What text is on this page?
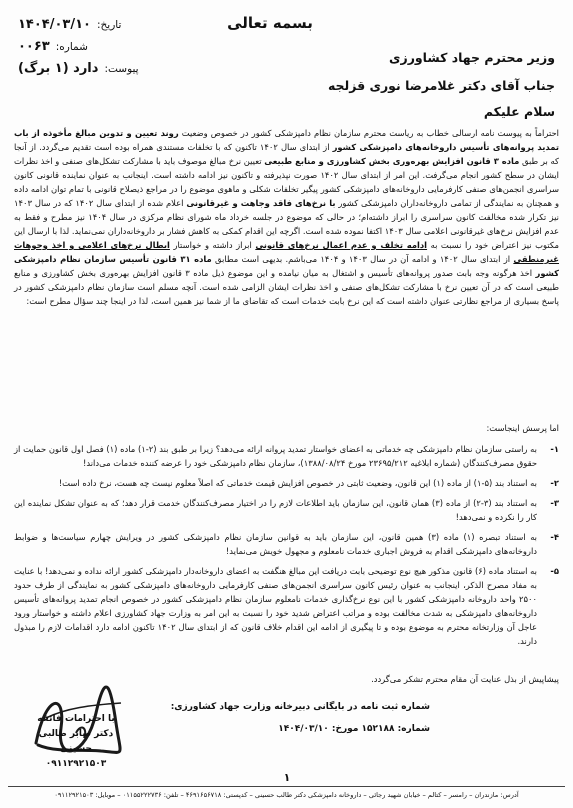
بسمه تعالی
تاریخ:
۱۴۰۴/۰۳/۱۰
شماره:
۰۰۶۳
پیوست:
دارد (۱ برگ)
وزیر محترم جهاد کشاورزی
جناب آقای دکتر غلامرضا نوری قزلجه
سلام علیکم
احتراماً به پیوست نامه ارسالی خطاب به ریاست محترم سازمان نظام دامپزشکی کشور در خصوص وضعیت روند تعیین و تدوین مبالغ مأخوذه از باب تمدید پروانه‌های تأسیس داروخانه‌های دامپزشکی کشور از ابتدای سال ۱۴۰۲ تاکنون که با تخلفات مستندی همراه بوده است تقدیم می‌گردد. از آنجا که بر طبق ماده ۳ قانون افزایش بهره‌وری بخش کشاورزی و منابع طبیعی تعیین نرخ مبالغ موصوف باید با مشارکت تشکل‌های صنفی و اخذ نظرات ایشان در سطح کشور انجام می‌گرفت. این امر از ابتدای سال ۱۴۰۲ صورت نپذیرفته و تاکنون نیز ادامه داشته است. اینجانب به عنوان نماینده قانونی کانون سراسری انجمن‌های صنفی کارفرمایی داروخانه‌های دامپزشکی کشور پیگیر تخلفات شکلی و ماهوی موضوع را در مراجع ذیصلاح قانونی با تمام توان ادامه داده و همچنان به نمایندگی از تمامی داروخانه‌داران دامپزشکی کشور با نرخ‌های فاقد وجاهت و غیرقانونی اعلام شده از ابتدای سال ۱۴۰۲ که در سال ۱۴۰۳ نیز تکرار شده مخالفت کانون سراسری را ابراز داشته‌ام؛ در حالی که موضوع در جلسه خرداد ماه شورای نظام مرکزی در سال ۱۴۰۴ نیز مطرح و فقط به عدم افزایش نرخ‌های غیرقانونی اعلامی سال ۱۴۰۳ اکتفا نموده شده است. اگرچه این اقدام کمکی به کاهش فشار بر داروخانه‌داران نمی‌نماید. لذا با ارسال این مکتوب نیز اعتراض خود را نسبت به ادامه تخلف و عدم اعمال نرخ‌های قانونی ابراز داشته و خواستار ابطال نرخ‌های اعلامی و اخذ وجوهات غیرمنطقی از ابتدای سال ۱۴۰۲ و ادامه آن در سال ۱۴۰۳ و ۱۴۰۴ می‌باشم. بدیهی است مطابق ماده ۳۱ قانون تأسیس سازمان نظام دامپزشکی کشور اخذ هرگونه وجه بابت صدور پروانه‌های تأسیس و اشتغال به میان نیامده و این موضوع ذیل ماده ۳ قانون افزایش بهره‌وری بخش کشاورزی و منابع طبیعی است که در آن تعیین نرخ با مشارکت تشکل‌های صنفی و اخذ نظرات ایشان الزامی شده است. آنچه مسلم است سازمان نظام دامپزشکی کشور در پاسخ بسیاری از مراجع نظارتی عنوان داشته است که این نرخ بابت خدمات است که تقاضای ما از شما نیز همین است، لذا در اینجا چند سؤال مطرح است:
اما پرسش اینجاست:
۱-
به راستی سازمان نظام دامپزشکی چه خدماتی به اعضای خواستار تمدید پروانه ارائه می‌دهد؟ زیرا بر طبق بند (۲-۱) ماده (۱) فصل اول قانون حمایت از حقوق مصرف‌کنندگان (شماره ابلاغیه ۲۳۶۹۵/۲۱۲ مورخ ۱۳۸۸/۰۸/۲۴)، سازمان نظام دامپزشکی خود را عرضه کننده خدمات می‌داند!
۲-
به استناد بند (۵-۱) از ماده (۱) این قانون، وضعیت ثابتی در خصوص افزایش قیمت خدماتی که اصلاً معلوم نیست چه هست، نرخ داده است!
۳-
به استناد بند (۳-۲) از ماده (۳) همان قانون، این سازمان باید اطلاعات لازم را در اختیار مصرف‌کنندگان خدمت قرار دهد؛ که به عنوان تشکل نماینده این کار را نکرده و نمی‌دهد!
۴-
به استناد تبصره (۱) ماده (۳) همین قانون، این سازمان باید به قوانین سازمان نظام دامپزشکی کشور در ویرایش چهارم سیاست‌ها و ضوابط داروخانه‌های دامپزشکی اقدام به فروش اجباری خدمات نامعلوم و مجهول خویش می‌نماید!
۵-
به استناد ماده (۶) قانون مذکور هیچ نوع توضیحی بابت دریافت این مبالغ هنگفت به اعضای داروخانه‌دار دامپزشکی کشور ارائه نداده و نمی‌دهد! با عنایت به مفاد مصرح الذکر، اینجانب به عنوان رئیس کانون سراسری انجمن‌های صنفی کارفرمایی داروخانه‌های دامپزشکی کشور به نمایندگی از طرف حدود ۲۵۰۰ واحد داروخانه دامپزشکی کشور با این نوع نرخ‌گذاری خدمات نامعلوم سازمان نظام دامپزشکی کشور در خصوص انجام تمدید پروانه‌های تأسیس داروخانه‌های دامپزشکی به شدت مخالفت بوده و مراتب اعتراض شدید خود را نسبت به این امر به وزارت جهاد کشاورزی اعلام داشته و خواستار ورود عاجل آن وزارتخانه محترم به موضوع بوده و تا پیگیری از ادامه این اقدام خلاف قانون که از ابتدای سال ۱۴۰۲ تاکنون ادامه دارد اقدامات لازم را مبذول دارند.
پیشاپیش از بذل عنایت آن مقام محترم تشکر می‌گردد.
شماره ثبت نامه در بایگانی دبیرخانه وزارت جهاد کشاورزی:
شماره: ۱۵۲۱۸۸ مورخ: ۱۴۰۴/۰۳/۱۰
با احترامات فائقه
دکتر صابر طالبی حسینی
۰۹۱۱۲۹۲۱۵۰۳
۱
آدرس: مازندران – رامسر – کتالم – خیابان شهید رجائی – داروخانه دامپزشکی دکتر طالب حسینی – کدپستی: ۴۶۹۱۶۵۶۷۱۸ – تلفن: ۰۱۱۵۵۲۲۲۷۳۶ – موبایل: ۰۹۱۱۲۹۲۱۵۰۳
